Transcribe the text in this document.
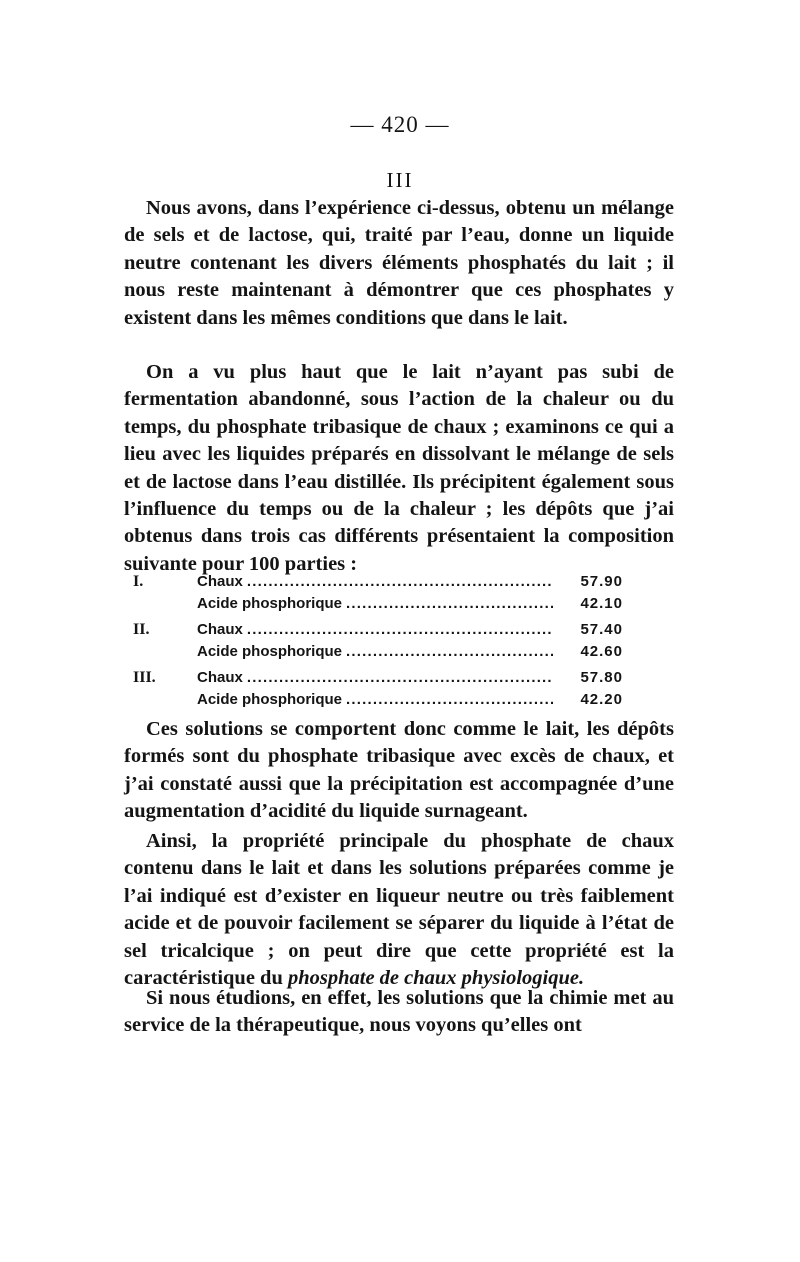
— 420 —
III

Nous avons, dans l’expérience ci-dessus, obtenu un mélange de sels et de lactose, qui, traité par l’eau, donne un liquide neutre contenant les divers éléments phosphatés du lait ; il nous reste maintenant à démontrer que ces phosphates y existent dans les mêmes conditions que dans le lait.

On a vu plus haut que le lait n’ayant pas subi de fermentation abandonné, sous l’action de la chaleur ou du temps, du phosphate tribasique de chaux ; examinons ce qui a lieu avec les liquides préparés en dissolvant le mélange de sels et de lactose dans l’eau distillée. Ils précipitent également sous l’influence du temps ou de la chaleur ; les dépôts que j’ai obtenus dans trois cas différents présentaient la composition suivante pour 100 parties :

I.	Chaux .....	57.90
Acide phosphorique .....	42.10
II.	Chaux .....	57.40
Acide phosphorique .....	42.60
III.	Chaux .....	57.80
Acide phosphorique .....	42.20

Ces solutions se comportent donc comme le lait, les dépôts formés sont du phosphate tribasique avec excès de chaux, et j’ai constaté aussi que la précipitation est accompagnée d’une augmentation d’acidité du liquide surnageant.

Ainsi, la propriété principale du phosphate de chaux contenu dans le lait et dans les solutions préparées comme je l’ai indiqué est d’exister en liqueur neutre ou très faiblement acide et de pouvoir facilement se séparer du liquide à l’état de sel tricalcique ; on peut dire que cette propriété est la caractéristique du phosphate de chaux physiologique.

Si nous étudions, en effet, les solutions que la chimie met au service de la thérapeutique, nous voyons qu’elles ont
